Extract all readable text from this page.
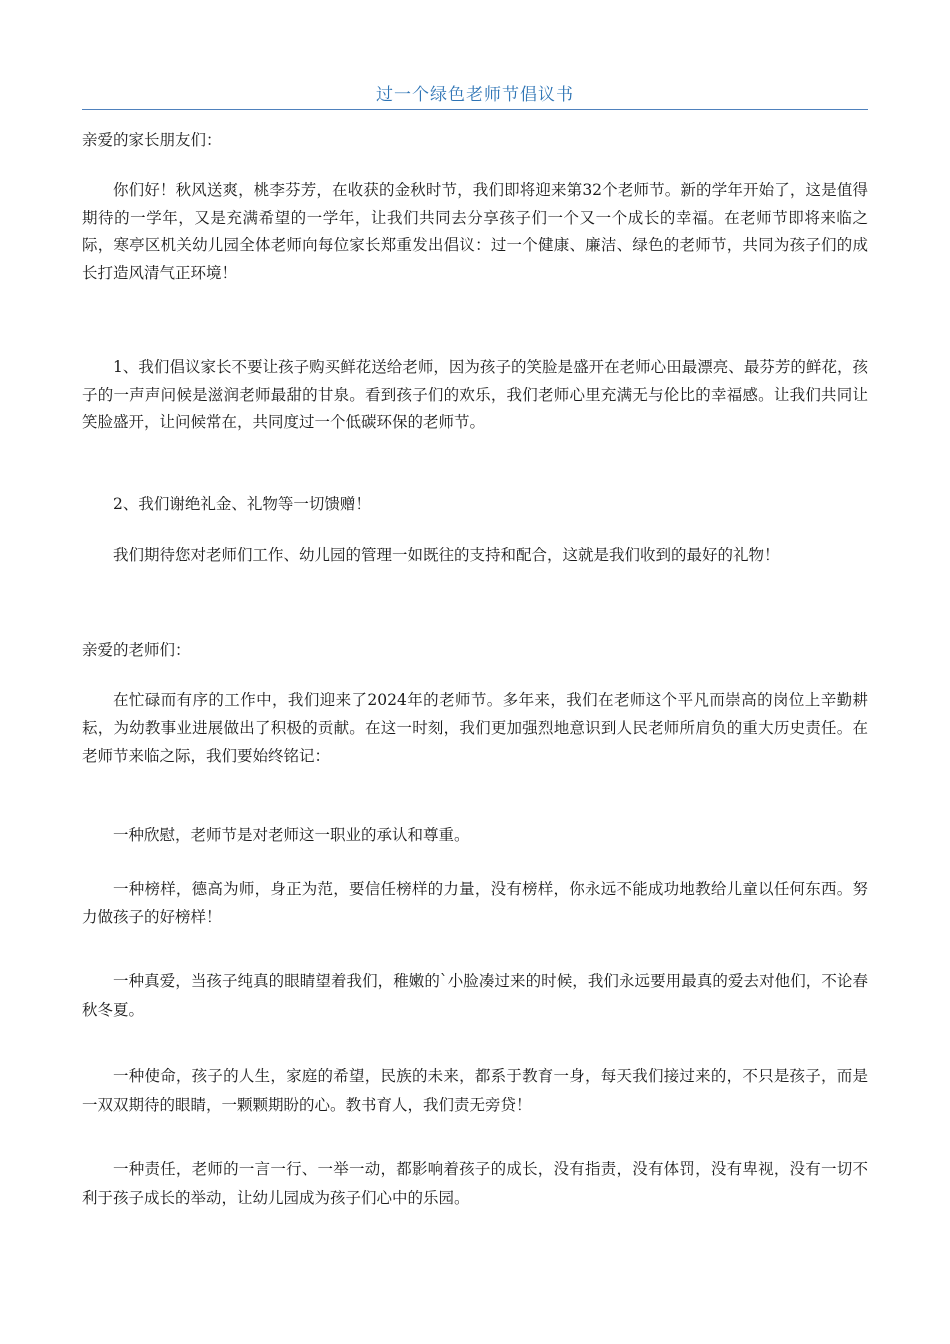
过一个绿色老师节倡议书

亲爱的家长朋友们：

你们好！秋风送爽，桃李芬芳，在收获的金秋时节，我们即将迎来第32个老师节。新的学年开始了，这是值得期待的一学年，又是充满希望的一学年，让我们共同去分享孩子们一个又一个成长的幸福。在老师节即将来临之际，寒亭区机关幼儿园全体老师向每位家长郑重发出倡议：过一个健康、廉洁、绿色的老师节，共同为孩子们的成长打造风清气正环境！

1、我们倡议家长不要让孩子购买鲜花送给老师，因为孩子的笑脸是盛开在老师心田最漂亮、最芬芳的鲜花，孩子的一声声问候是滋润老师最甜的甘泉。看到孩子们的欢乐，我们老师心里充满无与伦比的幸福感。让我们共同让笑脸盛开，让问候常在，共同度过一个低碳环保的老师节。

2、我们谢绝礼金、礼物等一切馈赠！

我们期待您对老师们工作、幼儿园的管理一如既往的支持和配合，这就是我们收到的最好的礼物！

亲爱的老师们：

在忙碌而有序的工作中，我们迎来了2024年的老师节。多年来，我们在老师这个平凡而崇高的岗位上辛勤耕耘，为幼教事业进展做出了积极的贡献。在这一时刻，我们更加强烈地意识到人民老师所肩负的重大历史责任。在老师节来临之际，我们要始终铭记：

一种欣慰，老师节是对老师这一职业的承认和尊重。

一种榜样，德高为师，身正为范，要信任榜样的力量，没有榜样，你永远不能成功地教给儿童以任何东西。努力做孩子的好榜样！

一种真爱，当孩子纯真的眼睛望着我们，稚嫩的`小脸凑过来的时候，我们永远要用最真的爱去对他们，不论春秋冬夏。

一种使命，孩子的人生，家庭的希望，民族的未来，都系于教育一身，每天我们接过来的，不只是孩子，而是一双双期待的眼睛，一颗颗期盼的心。教书育人，我们责无旁贷！

一种责任，老师的一言一行、一举一动，都影响着孩子的成长，没有指责，没有体罚，没有卑视，没有一切不利于孩子成长的举动，让幼儿园成为孩子们心中的乐园。
